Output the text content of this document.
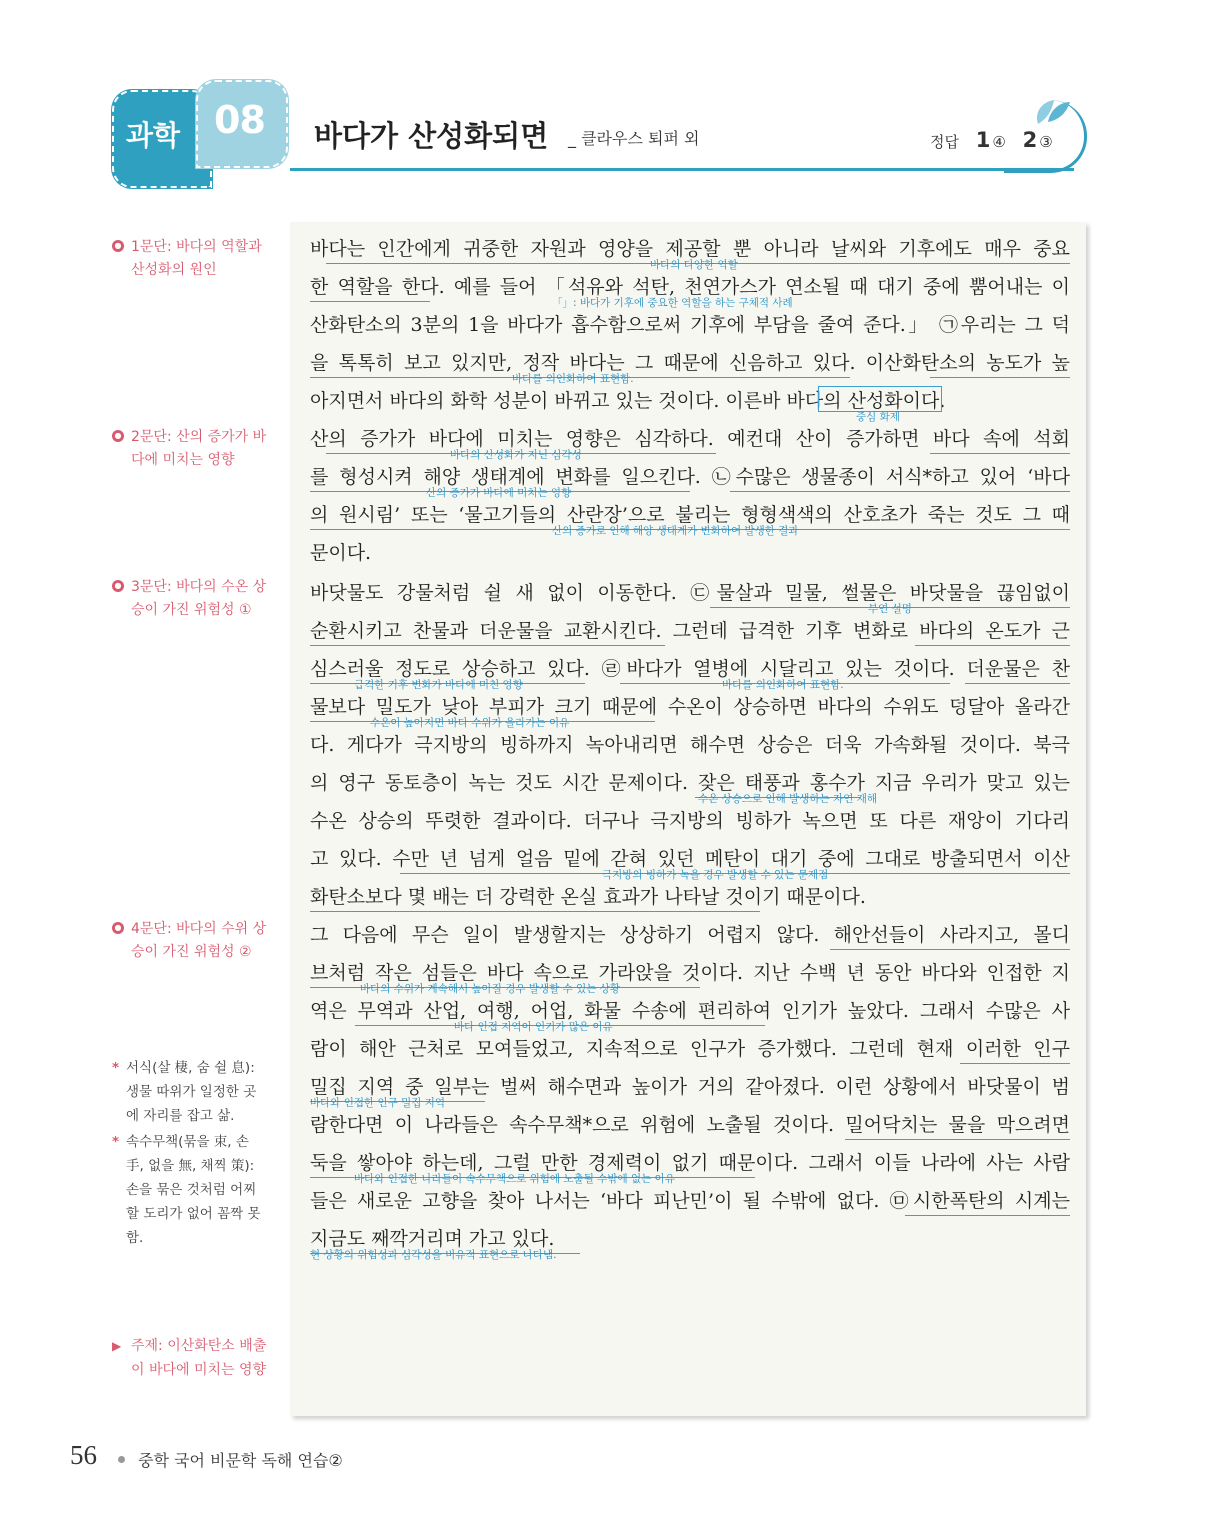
과학 08 바다가 산성화되면 _ 클라우스 퇴퍼 외	정답 1 ④ 2 ③
● 1문단: 바다의 역할과 산성화의 원인
● 2문단: 산의 증가가 바다에 미치는 영향
● 3문단: 바다의 수온 상승이 가진 위험성 ①
● 4문단: 바다의 수위 상승이 가진 위험성 ②
* 서식(살 棲, 숨 쉴 息): 생물 따위가 일정한 곳에 자리를 잡고 삶.
* 속수무책(묶을 束, 손 手, 없을 無, 채찍 策): 손을 묶은 것처럼 어찌할 도리가 없어 꼼짝 못 함.
▶ 주제: 이산화탄소 배출이 바다에 미치는 영향
바다는 인간에게 귀중한 자원과 영양을 제공할 뿐 아니라 날씨와 기후에도 매우 중요
한 역할을 한다. 예를 들어 「석유와 석탄, 천연가스가 연소될 때 대기 중에 뿜어내는 이
산화탄소의 3분의 1을 바다가 흡수함으로써 기후에 부담을 줄여 준다.」 ㉠우리는 그 덕
을 톡톡히 보고 있지만, 정작 바다는 그 때문에 신음하고 있다. 이산화탄소의 농도가 높
아지면서 바다의 화학 성분이 바뀌고 있는 것이다. 이른바 바다의 산성화이다.
산의 증가가 바다에 미치는 영향은 심각하다. 예컨대 산이 증가하면 바다 속에 석회
를 형성시켜 해양 생태계에 변화를 일으킨다. ㉡수많은 생물종이 서식*하고 있어 ‘바다
의 원시림’ 또는 ‘물고기들의 산란장’으로 불리는 형형색색의 산호초가 죽는 것도 그 때
문이다.
바닷물도 강물처럼 쉴 새 없이 이동한다. ㉢물살과 밀물, 썰물은 바닷물을 끊임없이
순환시키고 찬물과 더운물을 교환시킨다. 그런데 급격한 기후 변화로 바다의 온도가 근
심스러울 정도로 상승하고 있다. ㉣바다가 열병에 시달리고 있는 것이다. 더운물은 찬
물보다 밀도가 낮아 부피가 크기 때문에 수온이 상승하면 바다의 수위도 덩달아 올라간
다. 게다가 극지방의 빙하까지 녹아내리면 해수면 상승은 더욱 가속화될 것이다. 북극
의 영구 동토층이 녹는 것도 시간 문제이다. 잦은 태풍과 홍수가 지금 우리가 맞고 있는
수온 상승의 뚜렷한 결과이다. 더구나 극지방의 빙하가 녹으면 또 다른 재앙이 기다리
고 있다. 수만 년 넘게 얼음 밑에 갇혀 있던 메탄이 대기 중에 그대로 방출되면서 이산
화탄소보다 몇 배는 더 강력한 온실 효과가 나타날 것이기 때문이다.
그 다음에 무슨 일이 발생할지는 상상하기 어렵지 않다. 해안선들이 사라지고, 몰디
브처럼 작은 섬들은 바다 속으로 가라앉을 것이다. 지난 수백 년 동안 바다와 인접한 지
역은 무역과 산업, 여행, 어업, 화물 수송에 편리하여 인기가 높았다. 그래서 수많은 사
람이 해안 근처로 모여들었고, 지속적으로 인구가 증가했다. 그런데 현재 이러한 인구
밀집 지역 중 일부는 벌써 해수면과 높이가 거의 같아졌다. 이런 상황에서 바닷물이 범
람한다면 이 나라들은 속수무책*으로 위험에 노출될 것이다. 밀어닥치는 물을 막으려면
둑을 쌓아야 하는데, 그럴 만한 경제력이 없기 때문이다. 그래서 이들 나라에 사는 사람
들은 새로운 고향을 찾아 나서는 ‘바다 피난민’이 될 수밖에 없다. ㉤시한폭탄의 시계는
지금도 째깍거리며 가고 있다.
바다의 다양한 역할
「」: 바다가 기후에 중요한 역할을 하는 구체적 사례
바다를 의인화하여 표현함.
중심 화제
바다의 산성화가 지닌 심각성
산의 증가가 바다에 미치는 영향
산의 증가로 인해 해양 생태계가 변화하여 발생한 결과
부연 설명
급격한 기후 변화가 바다에 미친 영향	바다를 의인화하여 표현함.
수온이 높아지면 바다 수위가 올라가는 이유
수온 상승으로 인해 발생하는 자연 재해
극지방의 빙하가 녹을 경우 발생할 수 있는 문제점
바다의 수위가 계속해서 높아질 경우 발생할 수 있는 상황
바다 인접 지역이 인기가 많은 이유
바다와 인접한 인구 밀집 지역
바다와 인접한 나라들이 속수무책으로 위험에 노출될 수밖에 없는 이유
현 상황의 위험성과 심각성을 비유적 표현으로 나타냄.
56	중학 국어 비문학 독해 연습②
